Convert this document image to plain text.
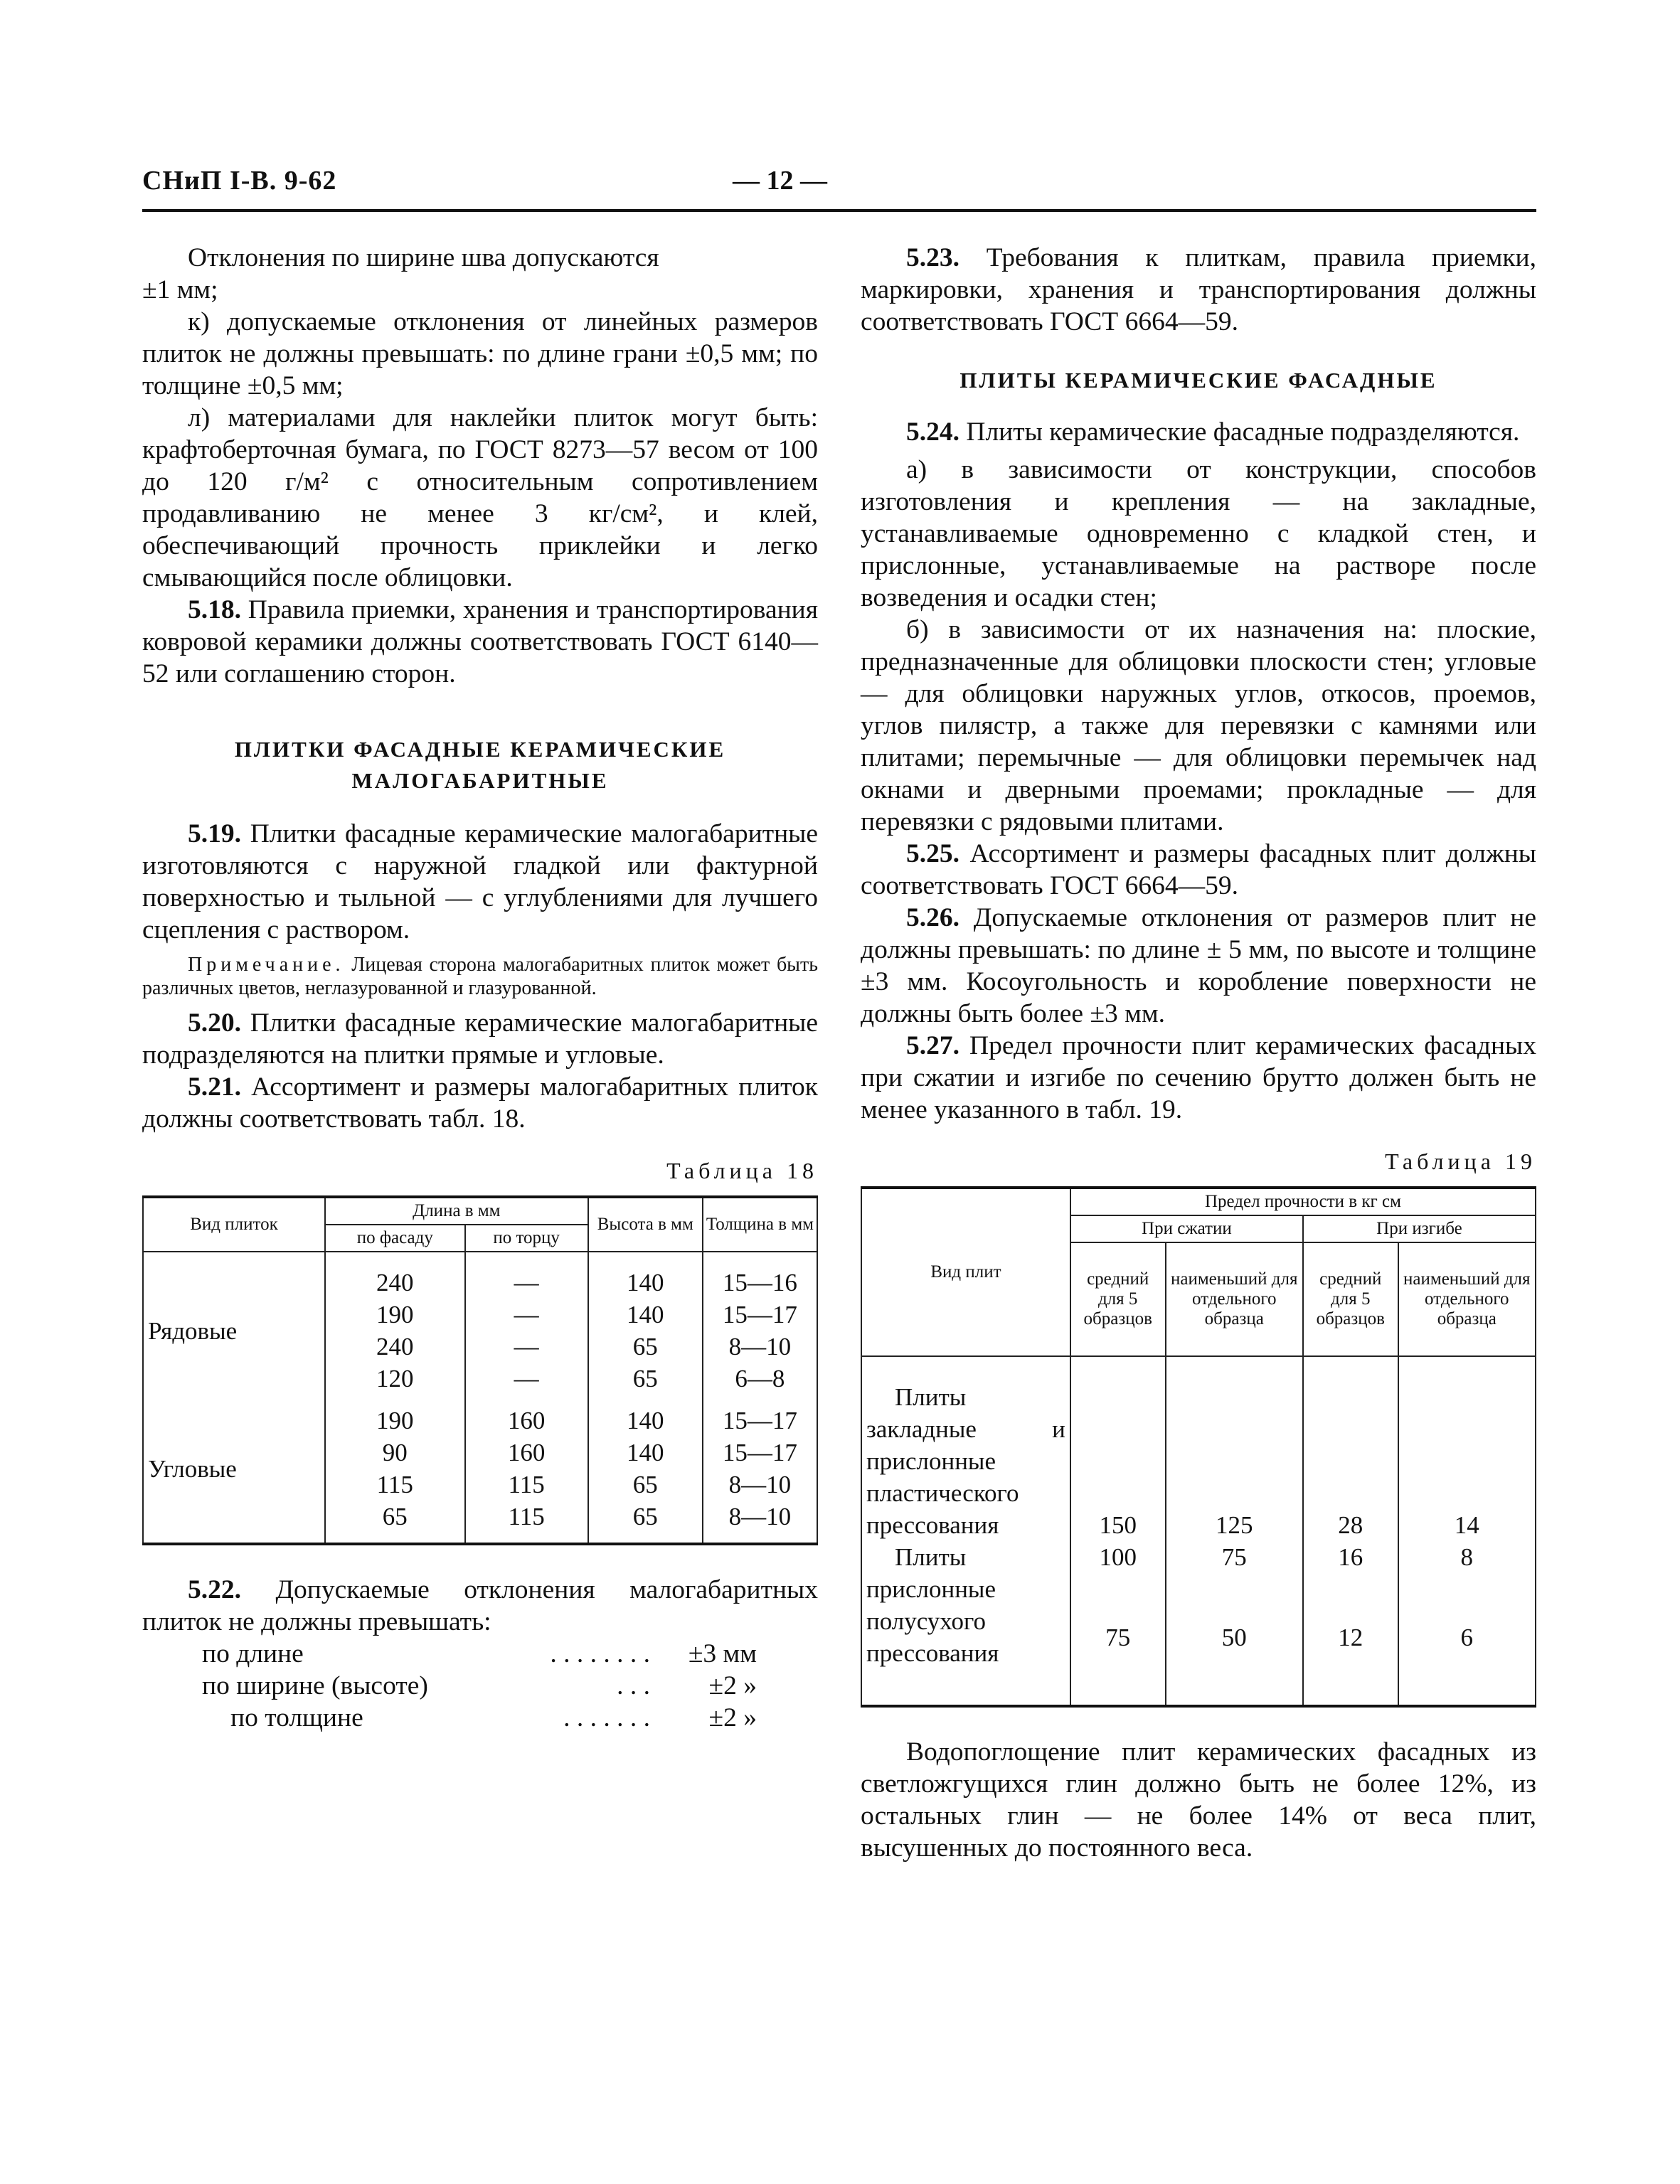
СНиП I-В. 9-62	— 12 —

Отклонения по ширине шва допускаются

±1 мм;

к) допускаемые отклонения от линейных размеров плиток не должны превышать: по длине грани ±0,5 мм; по толщине ±0,5 мм;

л) материалами для наклейки плиток могут быть: крафтоберточная бумага, по ГОСТ 8273—57 весом от 100 до 120 г/м² с относительным сопротивлением продавливанию не менее 3 кг/см², и клей, обеспечивающий прочность приклейки и легко смывающийся после облицовки.

5.18. Правила приемки, хранения и транспортирования ковровой керамики должны соответствовать ГОСТ 6140—52 или соглашению сторон.

ПЛИТКИ ФАСАДНЫЕ КЕРАМИЧЕСКИЕ

МАЛОГАБАРИТНЫЕ

5.19. Плитки фасадные керамические малогабаритные изготовляются с наружной гладкой или фактурной поверхностью и тыльной — с углублениями для лучшего сцепления с раствором.

Примечание. Лицевая сторона малогабаритных плиток может быть различных цветов, неглазурованной и глазурованной.

5.20. Плитки фасадные керамические малогабаритные подразделяются на плитки прямые и угловые.

5.21. Ассортимент и размеры малогабаритных плиток должны соответствовать табл. 18.

Таблица 18

Вид плиток	Длина в мм		Высота в мм	Толщина в мм
	по фасаду	по торцу		
Рядовые	240	—	140	15—16
	190	—	140	15—17
	240	—	65	8—10
	120	—	65	6—8
Угловые	190	160	140	15—17
	90	160	140	15—17
	115	115	65	8—10
	65	115	65	8—10

5.22. Допускаемые отклонения малогабаритных плиток не должны превышать:

по длине	. . . . . . . . ±3 мм

по ширине (высоте)	. . . ±2 »

по толщине	. . . . . . . ±2 »

5.23. Требования к плиткам, правила приемки, маркировки, хранения и транспортирования должны соответствовать ГОСТ 6664—59.

ПЛИТЫ КЕРАМИЧЕСКИЕ ФАСАДНЫЕ

5.24. Плиты керамические фасадные подразделяются.

а) в зависимости от конструкции, способов изготовления и крепления — на закладные, устанавливаемые одновременно с кладкой стен, и прислонные, устанавливаемые на растворе после возведения и осадки стен;

б) в зависимости от их назначения на: плоские, предназначенные для облицовки плоскости стен; угловые — для облицовки наружных углов, откосов, проемов, углов пилястр, а также для перевязки с камнями или плитами; перемычные — для облицовки перемычек над окнами и дверными проемами; прокладные — для перевязки с рядовыми плитами.

5.25. Ассортимент и размеры фасадных плит должны соответствовать ГОСТ 6664—59.

5.26. Допускаемые отклонения от размеров плит не должны превышать: по длине ± 5 мм, по высоте и толщине ±3 мм. Косоугольность и коробление поверхности не должны быть более ±3 мм.

5.27. Предел прочности плит керамических фасадных при сжатии и изгибе по сечению брутто должен быть не менее указанного в табл. 19.

Таблица 19

Вид плит	Предел прочности в кг см			
	При сжатии		При изгибе	
	средний для 5 образцов	наименьший для отдельного образца	средний для 5 образцов	наименьший для отдельного образца
Плиты закладные и прислонные пластического прессования	150	125	28	14
Плиты прислонные полусухого прессования	100	75	16	8
	75	50	12	6

Водопоглощение плит керамических фасадных из светложгущихся глин должно быть не более 12%, из остальных глин — не более 14% от веса плит, высушенных до постоянного веса.
